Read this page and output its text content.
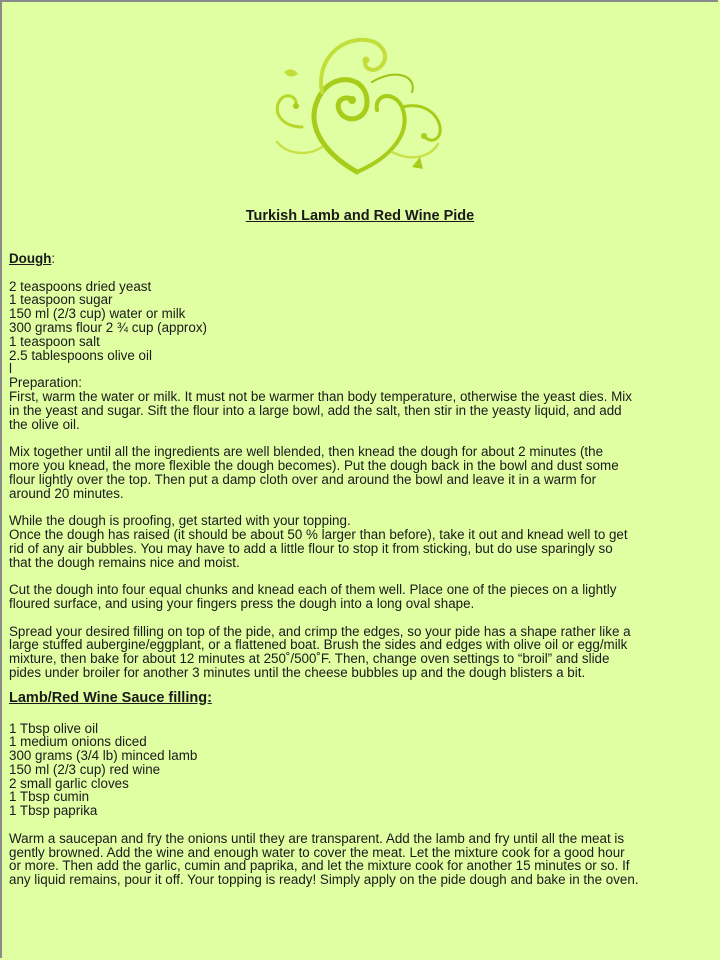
Turkish Lamb and Red Wine Pide
Dough:
2 teaspoons dried yeast
1 teaspoon sugar
150 ml (2/3 cup) water or milk
300 grams flour 2 ¾ cup (approx)
1 teaspoon salt
2.5 tablespoons olive oil
l
Preparation:
First, warm the water or milk. It must not be warmer than body temperature, otherwise the yeast dies. Mix
in the yeast and sugar. Sift the flour into a large bowl, add the salt, then stir in the yeasty liquid, and add
the olive oil.
Mix together until all the ingredients are well blended, then knead the dough for about 2 minutes (the
more you knead, the more flexible the dough becomes). Put the dough back in the bowl and dust some
flour lightly over the top. Then put a damp cloth over and around the bowl and leave it in a warm for
around 20 minutes.
While the dough is proofing, get started with your topping.
Once the dough has raised (it should be about 50 % larger than before), take it out and knead well to get
rid of any air bubbles. You may have to add a little flour to stop it from sticking, but do use sparingly so
that the dough remains nice and moist.
Cut the dough into four equal chunks and knead each of them well. Place one of the pieces on a lightly
floured surface, and using your fingers press the dough into a long oval shape.
Spread your desired filling on top of the pide, and crimp the edges, so your pide has a shape rather like a
large stuffed aubergine/eggplant, or a flattened boat. Brush the sides and edges with olive oil or egg/milk
mixture, then bake for about 12 minutes at 250˚/500˚F. Then, change oven settings to “broil” and slide
pides under broiler for another 3 minutes until the cheese bubbles up and the dough blisters a bit.
Lamb/Red Wine Sauce filling:
1 Tbsp olive oil
1 medium onions diced
300 grams (3/4 lb) minced lamb
150 ml (2/3 cup) red wine
2 small garlic cloves
1 Tbsp cumin
1 Tbsp paprika
Warm a saucepan and fry the onions until they are transparent. Add the lamb and fry until all the meat is
gently browned. Add the wine and enough water to cover the meat. Let the mixture cook for a good hour
or more. Then add the garlic, cumin and paprika, and let the mixture cook for another 15 minutes or so. If
any liquid remains, pour it off. Your topping is ready! Simply apply on the pide dough and bake in the oven.
